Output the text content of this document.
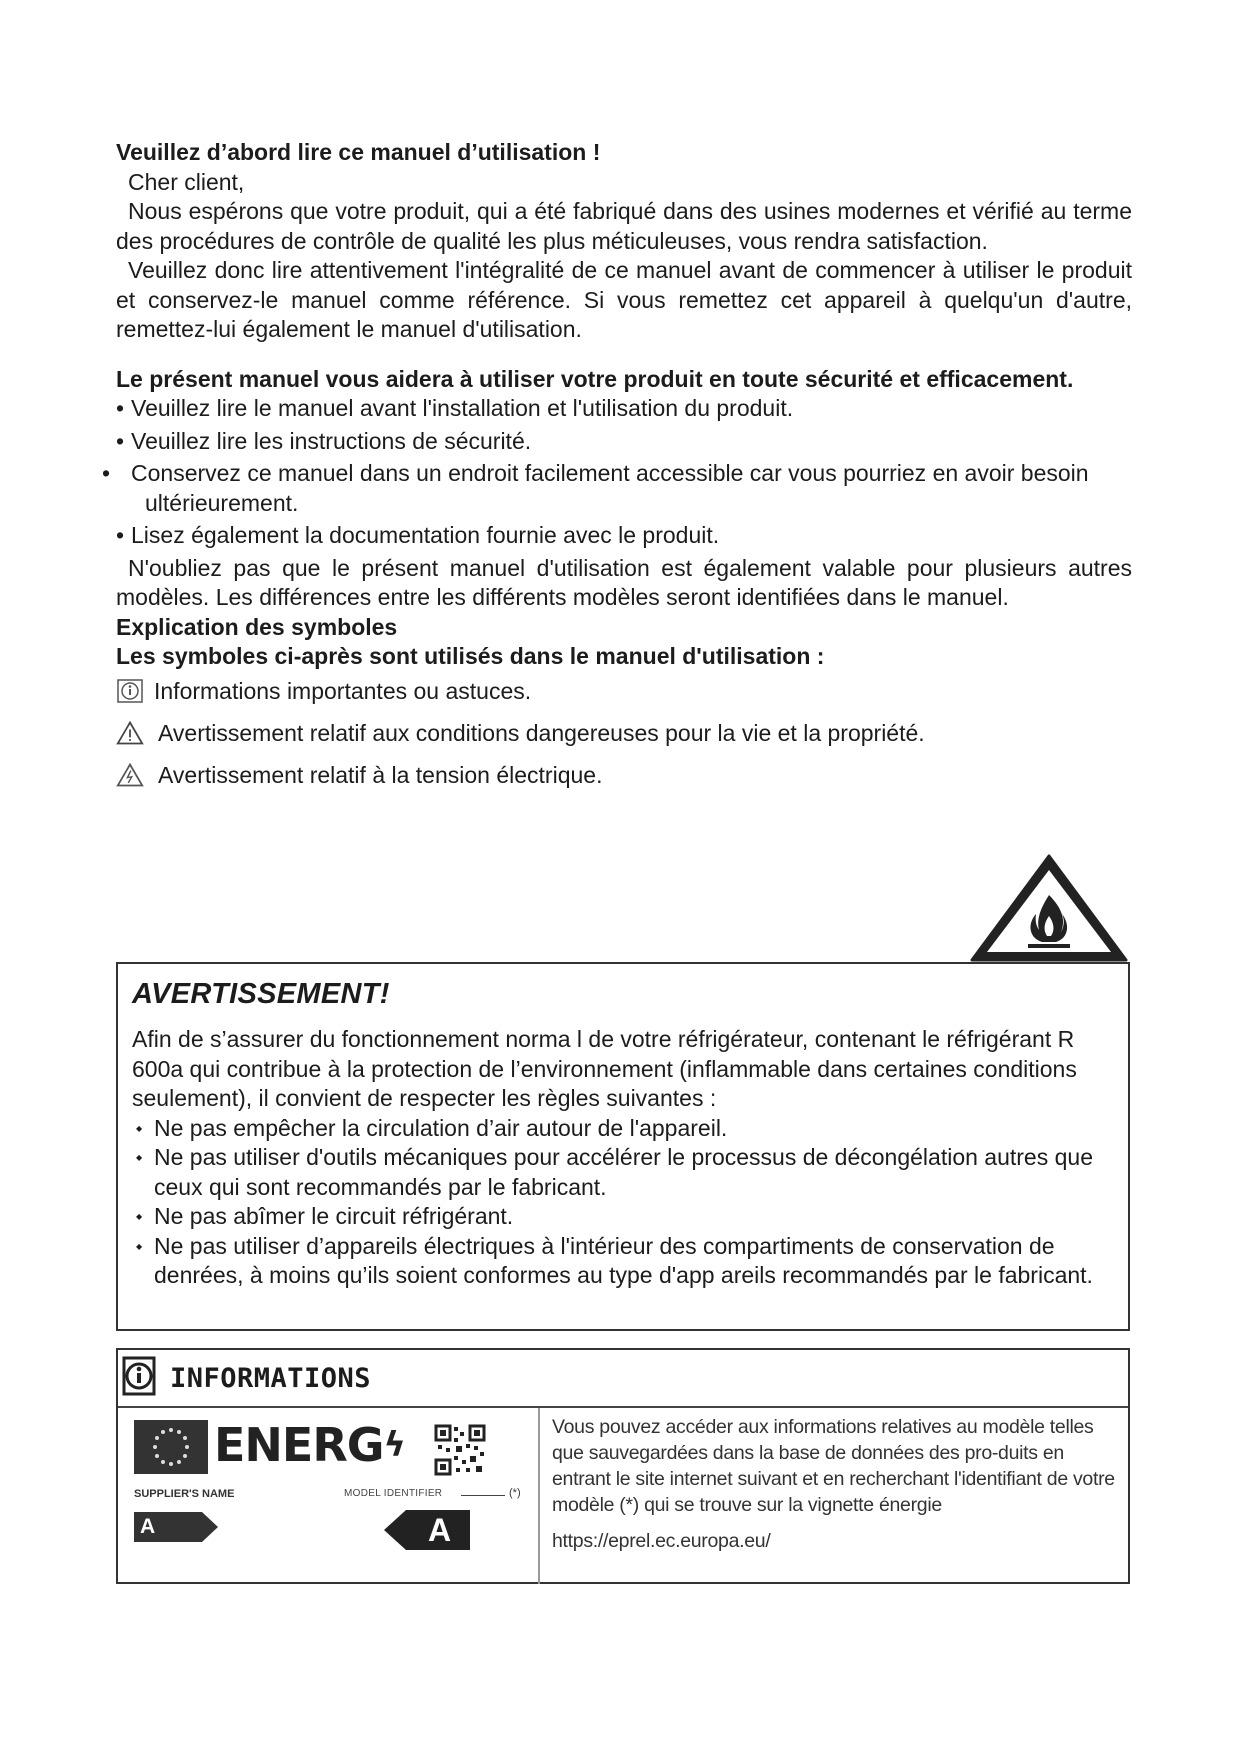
Veuillez d’abord lire ce manuel d’utilisation !

Cher client,

Nous espérons que votre produit, qui a été fabriqué dans des usines modernes et vérifié au terme des procédures de contrôle de qualité les plus méticuleuses, vous rendra satisfaction.

Veuillez donc lire attentivement l'intégralité de ce manuel avant de commencer à utiliser le produit et conservez-le manuel comme référence. Si vous remettez cet appareil à quelqu'un d'autre, remettez-lui également le manuel d'utilisation.

Le présent manuel vous aidera à utiliser votre produit en toute sécurité et efficacement.

• Veuillez lire le manuel avant l'installation et l'utilisation du produit.
• Veuillez lire les instructions de sécurité.
• Conservez ce manuel dans un endroit facilement accessible car vous pourriez en avoir besoin ultérieurement.
• Lisez également la documentation fournie avec le produit.

N'oubliez pas que le présent manuel d'utilisation est également valable pour plusieurs autres modèles. Les différences entre les différents modèles seront identifiées dans le manuel.

Explication des symboles

Les symboles ci-après sont utilisés dans le manuel d'utilisation :

Informations importantes ou astuces.
Avertissement relatif aux conditions dangereuses pour la vie et la propriété.
Avertissement relatif à la tension électrique.

AVERTISSEMENT!

Afin de s’assurer du fonctionnement norma l de votre réfrigérateur, contenant le réfrigérant R 600a qui contribue à la protection de l’environnement (inflammable dans certaines conditions seulement), il convient de respecter les règles suivantes :

◆ Ne pas empêcher la circulation d’air autour de l'appareil.
◆ Ne pas utiliser d'outils mécaniques pour accélérer le processus de décongélation autres que ceux qui sont recommandés par le fabricant.
◆ Ne pas abîmer le circuit réfrigérant.
◆ Ne pas utiliser d’appareils électriques à l'intérieur des compartiments de conservation de denrées, à moins qu’ils soient conformes au type d'app areils recommandés par le fabricant.
INFORMATIONS
$ENERG^ϟ$
SUPPLIER'S NAME	MODEL IDENTIFIER	(*)
A	A

Vous pouvez accéder aux informations relatives au modèle telles que sauvegardées dans la base de données des pro-duits en entrant le site internet suivant et en recherchant l'identifiant de votre modèle (*) qui se trouve sur la vignette énergie

https://eprel.ec.europa.eu/
